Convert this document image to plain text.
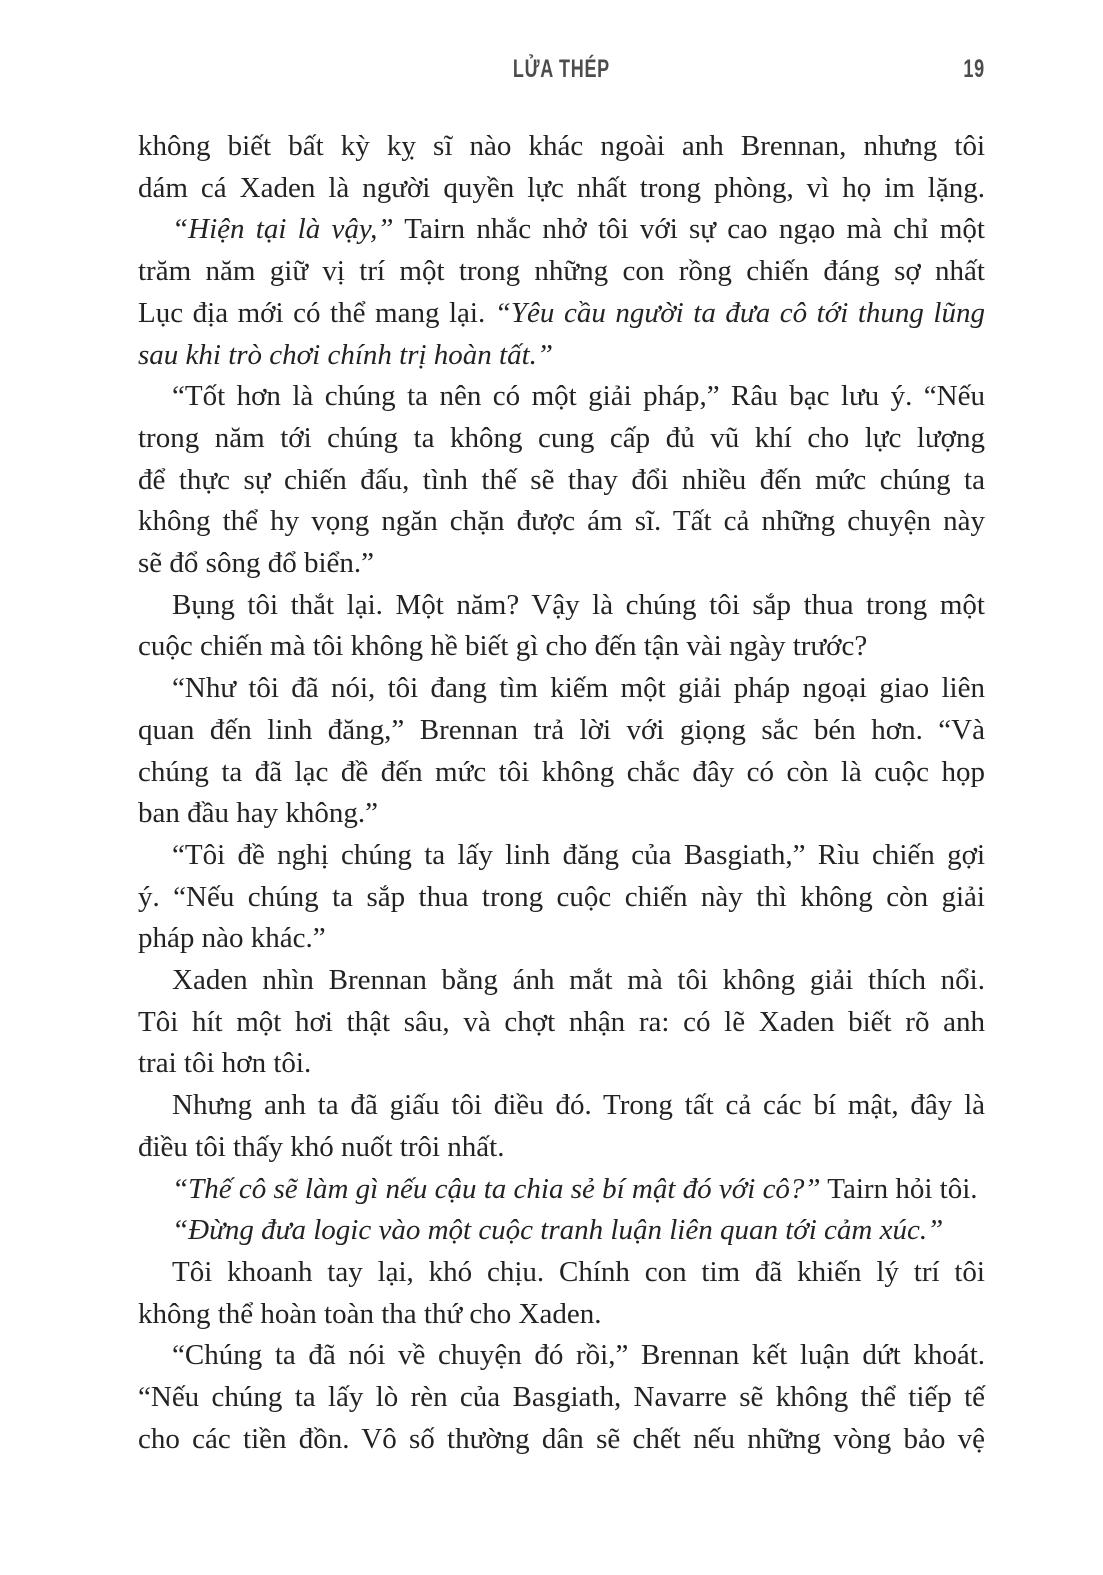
LỬA THÉP	19
không biết bất kỳ kỵ sĩ nào khác ngoài anh Brennan, nhưng tôi
dám cá Xaden là người quyền lực nhất trong phòng, vì họ im lặng.
“Hiện tại là vậy,” Tairn nhắc nhở tôi với sự cao ngạo mà chỉ một
trăm năm giữ vị trí một trong những con rồng chiến đáng sợ nhất
Lục địa mới có thể mang lại. “Yêu cầu người ta đưa cô tới thung lũng
sau khi trò chơi chính trị hoàn tất.”
“Tốt hơn là chúng ta nên có một giải pháp,” Râu bạc lưu ý. “Nếu
trong năm tới chúng ta không cung cấp đủ vũ khí cho lực lượng
để thực sự chiến đấu, tình thế sẽ thay đổi nhiều đến mức chúng ta
không thể hy vọng ngăn chặn được ám sĩ. Tất cả những chuyện này
sẽ đổ sông đổ biển.”
Bụng tôi thắt lại. Một năm? Vậy là chúng tôi sắp thua trong một
cuộc chiến mà tôi không hề biết gì cho đến tận vài ngày trước?
“Như tôi đã nói, tôi đang tìm kiếm một giải pháp ngoại giao liên
quan đến linh đăng,” Brennan trả lời với giọng sắc bén hơn. “Và
chúng ta đã lạc đề đến mức tôi không chắc đây có còn là cuộc họp
ban đầu hay không.”
“Tôi đề nghị chúng ta lấy linh đăng của Basgiath,” Rìu chiến gợi
ý. “Nếu chúng ta sắp thua trong cuộc chiến này thì không còn giải
pháp nào khác.”
Xaden nhìn Brennan bằng ánh mắt mà tôi không giải thích nổi.
Tôi hít một hơi thật sâu, và chợt nhận ra: có lẽ Xaden biết rõ anh
trai tôi hơn tôi.
Nhưng anh ta đã giấu tôi điều đó. Trong tất cả các bí mật, đây là
điều tôi thấy khó nuốt trôi nhất.
“Thế cô sẽ làm gì nếu cậu ta chia sẻ bí mật đó với cô?” Tairn hỏi tôi.
“Đừng đưa logic vào một cuộc tranh luận liên quan tới cảm xúc.”
Tôi khoanh tay lại, khó chịu. Chính con tim đã khiến lý trí tôi
không thể hoàn toàn tha thứ cho Xaden.
“Chúng ta đã nói về chuyện đó rồi,” Brennan kết luận dứt khoát.
“Nếu chúng ta lấy lò rèn của Basgiath, Navarre sẽ không thể tiếp tế
cho các tiền đồn. Vô số thường dân sẽ chết nếu những vòng bảo vệ
